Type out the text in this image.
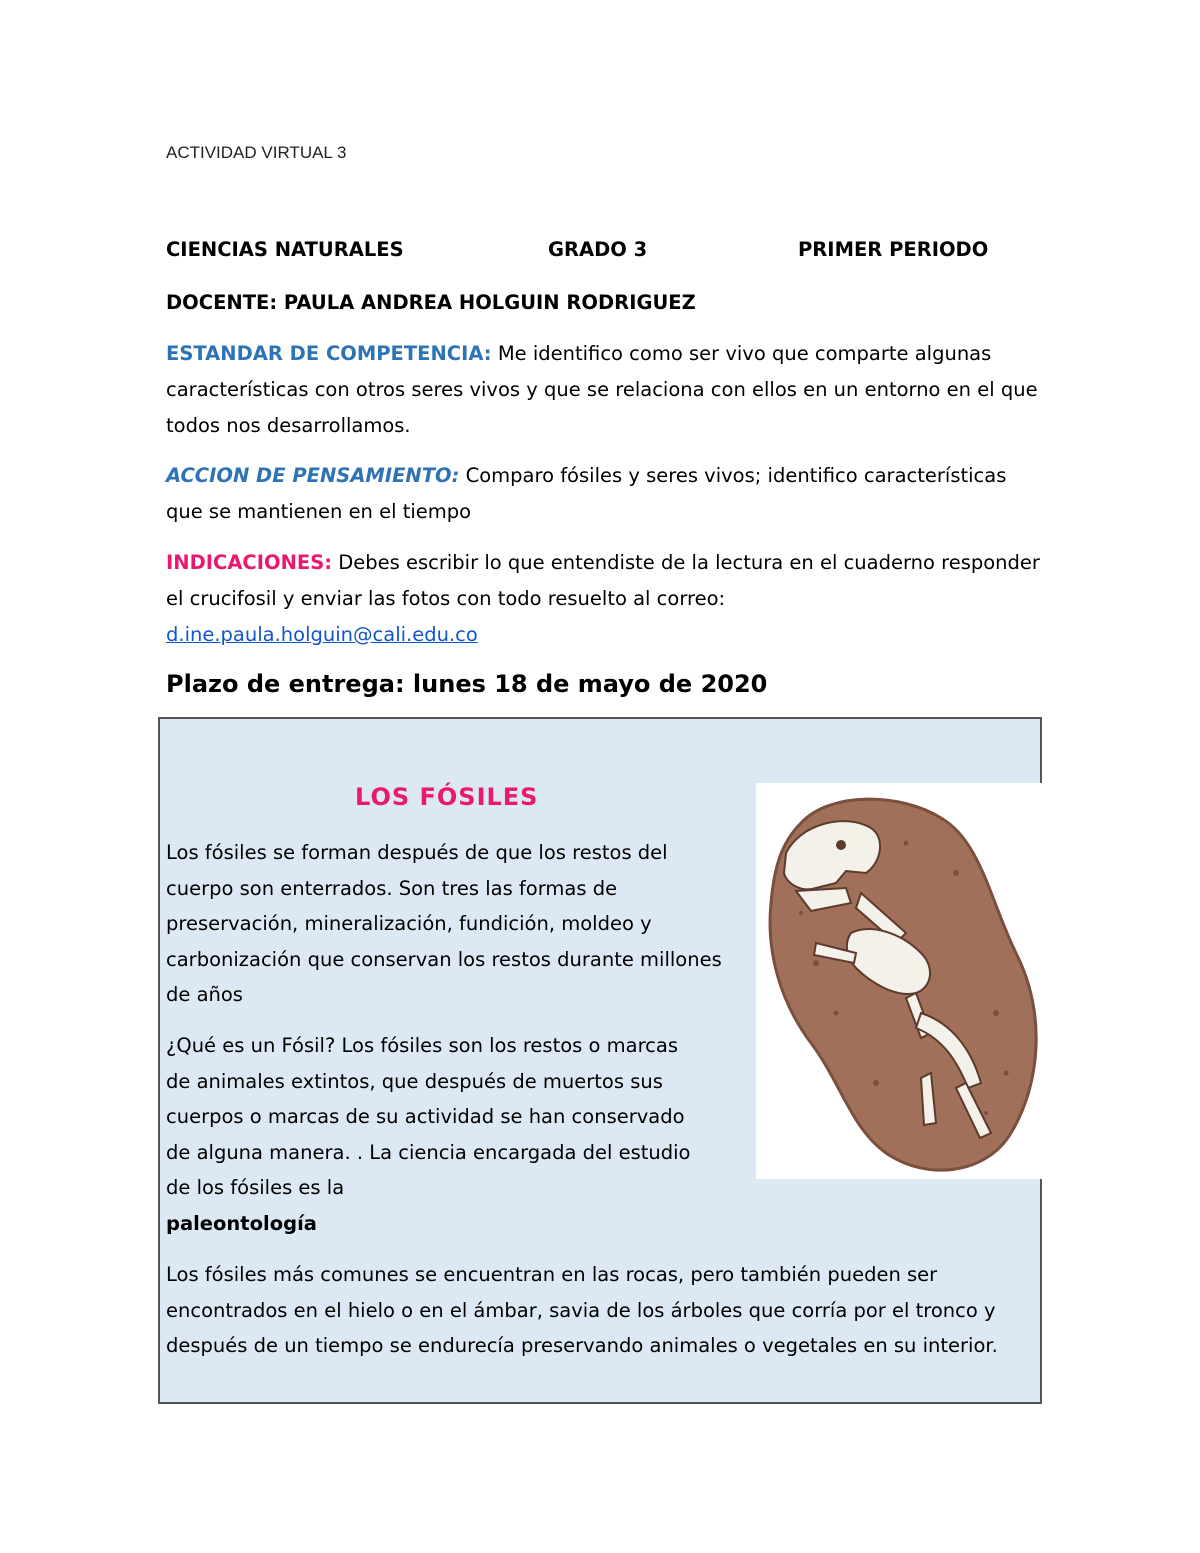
ACTIVIDAD VIRTUAL 3
CIENCIAS NATURALES	GRADO 3	PRIMER PERIODO
DOCENTE: PAULA ANDREA HOLGUIN RODRIGUEZ
ESTANDAR DE COMPETENCIA: Me identifico como ser vivo que comparte algunas características con otros seres vivos y que se relaciona con ellos en un entorno en el que todos nos desarrollamos.
ACCION DE PENSAMIENTO: Comparo fósiles y seres vivos; identifico características que se mantienen en el tiempo
INDICACIONES: Debes escribir lo que entendiste de la lectura en el cuaderno responder el crucifosil y enviar las fotos con todo resuelto al correo:
d.ine.paula.holguin@cali.edu.co
Plazo de entrega: lunes 18 de mayo de 2020
LOS FÓSILES
Los fósiles se forman después de que los restos del cuerpo son enterrados. Son tres las formas de preservación, mineralización, fundición, moldeo y carbonización que conservan los restos durante millones de años
¿Qué es un Fósil? Los fósiles son los restos o marcas de animales extintos, que después de muertos sus cuerpos o marcas de su actividad se han conservado de alguna manera. . La ciencia encargada del estudio de los fósiles es la
paleontología
Los fósiles más comunes se encuentran en las rocas, pero también pueden ser encontrados en el hielo o en el ámbar, savia de los árboles que corría por el tronco y después de un tiempo se endurecía preservando animales o vegetales en su interior.
